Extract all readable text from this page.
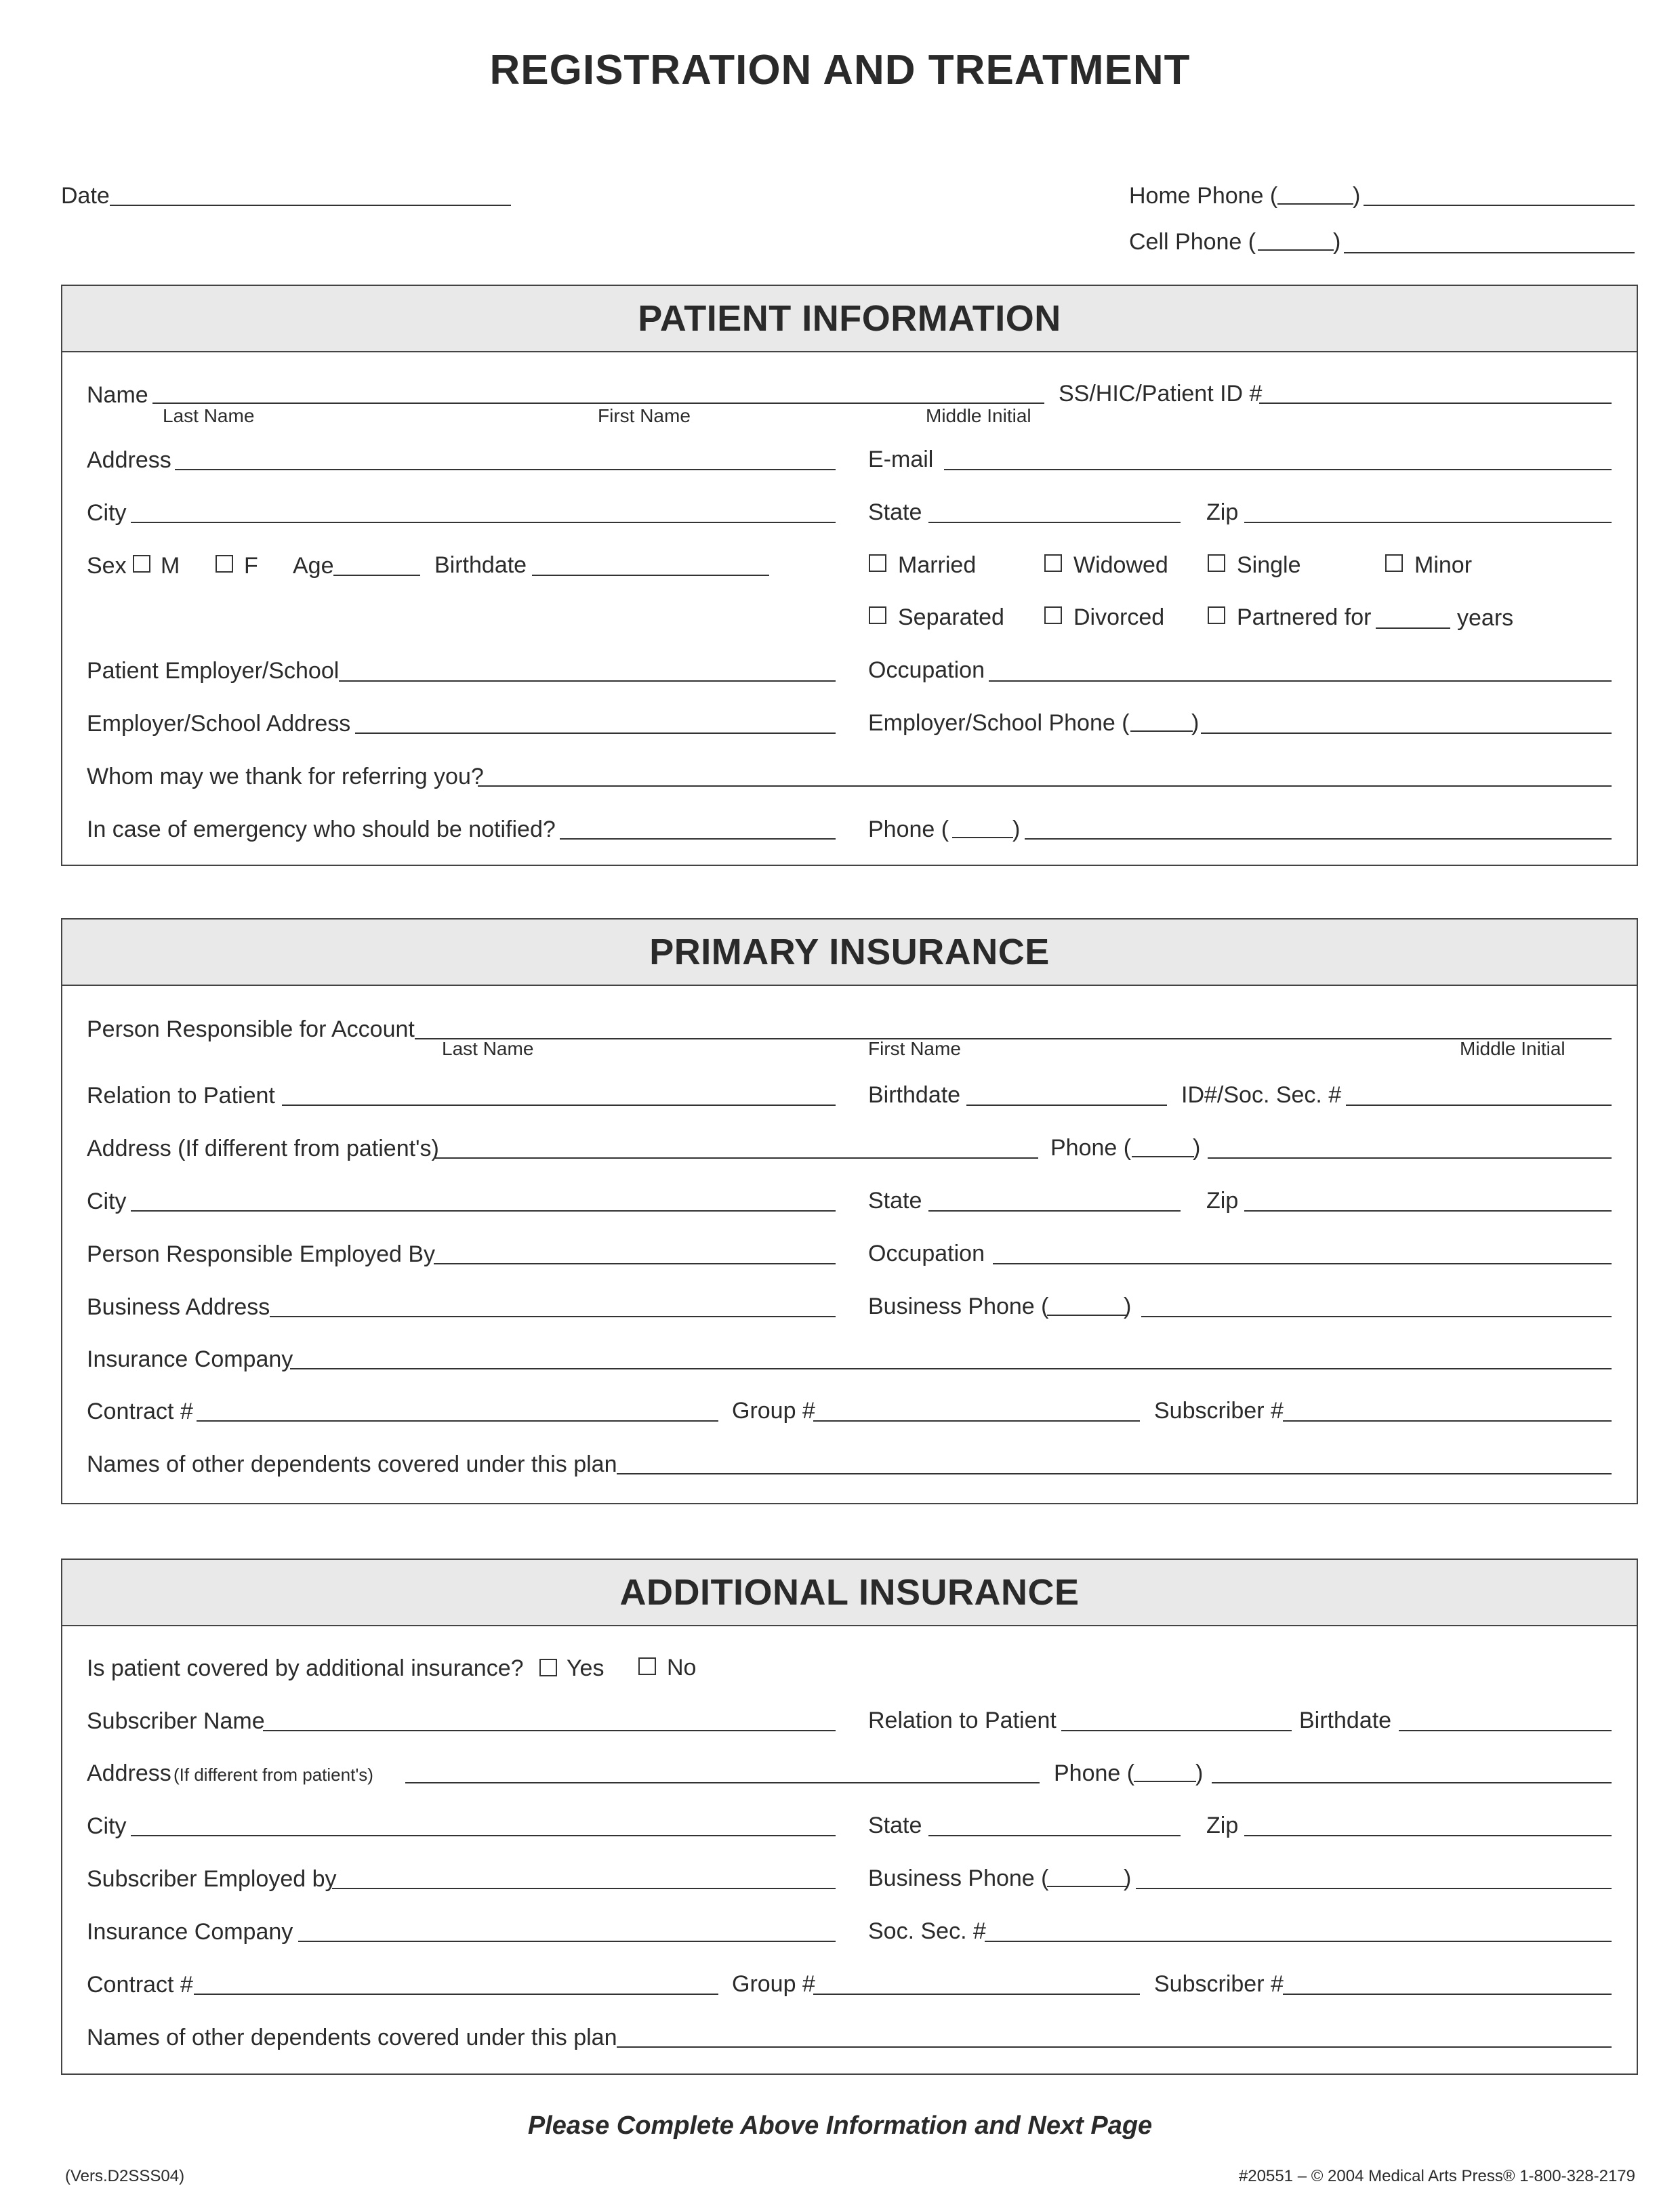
REGISTRATION AND TREATMENT
Date	Home Phone (	)
Cell Phone (	)
PATIENT INFORMATION
Name
Last Name	First Name	Middle Initial
SS/HIC/Patient ID #
Address	E-mail
City	State	Zip
Sex M	F Age	Birthdate	Married	Widowed	Single	Minor
Separated	Divorced	Partnered for	years
Patient Employer/School	Occupation
Employer/School Address	Employer/School Phone (	)
Whom may we thank for referring you?
In case of emergency who should be notified?	Phone (	)
PRIMARY INSURANCE
Person Responsible for Account
Last Name	First Name	Middle Initial
Relation to Patient	Birthdate	ID#/Soc. Sec. #
Address (If different from patient's)	Phone (	)
City	State	Zip
Person Responsible Employed By	Occupation
Business Address	Business Phone (	)
Insurance Company
Contract #	Group #	Subscriber #
Names of other dependents covered under this plan
ADDITIONAL INSURANCE
Is patient covered by additional insurance? Yes	No
Subscriber Name	Relation to Patient	Birthdate
Address (If different from patient's)	Phone (	)
City	State	Zip
Subscriber Employed by	Business Phone (	)
Insurance Company	Soc. Sec. #
Contract #	Group #	Subscriber #
Names of other dependents covered under this plan
Please Complete Above Information and Next Page
(Vers.D2SSS04)	#20551 – © 2004 Medical Arts Press® 1-800-328-2179
